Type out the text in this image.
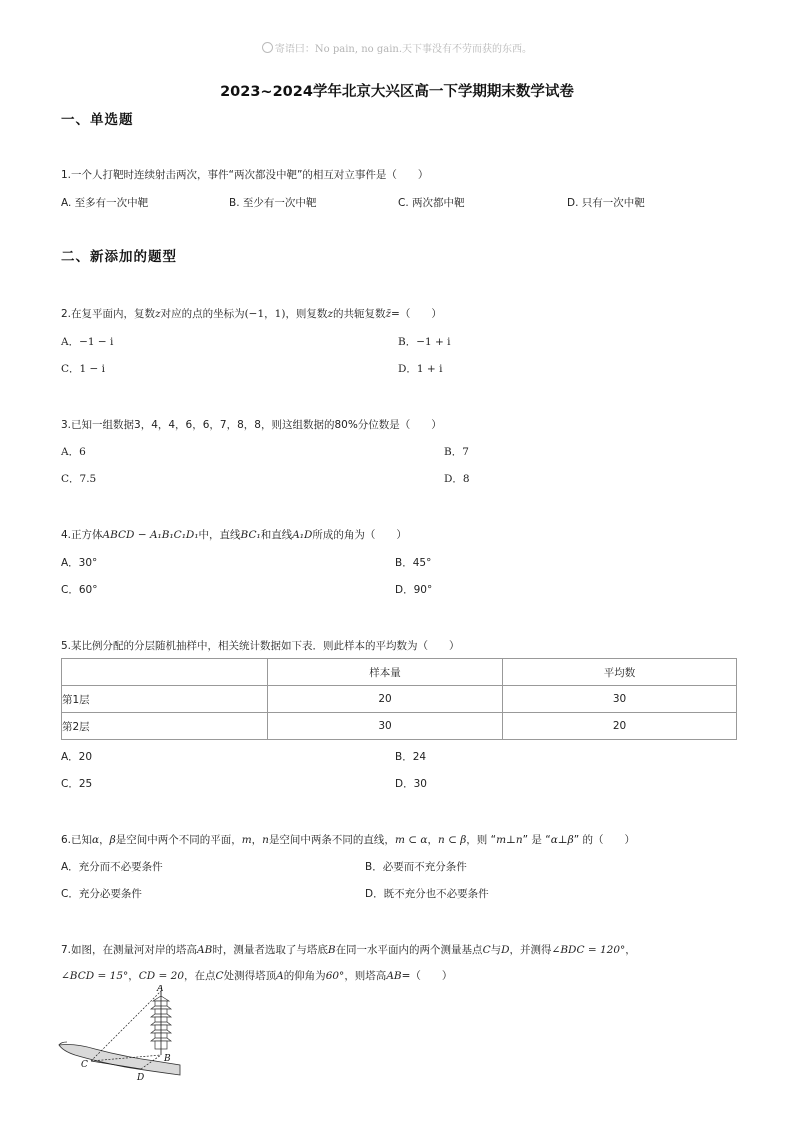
寄语曰：No pain, no gain.天下事没有不劳而获的东西。
2023~2024学年北京大兴区高一下学期期末数学试卷
一、单选题
1.一个人打靶时连续射击两次，事件“两次都没中靶”的相互对立事件是（　　）
A. 至多有一次中靶	B. 至少有一次中靶	C. 两次都中靶	D. 只有一次中靶
二、新添加的题型
2.在复平面内，复数z对应的点的坐标为(−1，1)，则复数z的共轭复数z̄=（　　）
A．−1 − i	B．−1 + i
C．1 − i	D．1 + i
3.已知一组数据3，4，4，6，6，7，8，8，则这组数据的80%分位数是（　　）
A．6	B．7
C．7.5	D．8
4.正方体ABCD − A₁B₁C₁D₁中，直线BC₁和直线A₁D所成的角为（　　）
A．30°	B．45°
C．60°	D．90°
5.某比例分配的分层随机抽样中，相关统计数据如下表．则此样本的平均数为（　　）
	样本量	平均数
第1层	20	30
第2层	30	20
A．20	B．24
C．25	D．30
6.已知α，β是空间中两个不同的平面，m，n是空间中两条不同的直线，m ⊂ α，n ⊂ β，则 “m⊥n” 是 “α⊥β” 的（　　）
A．充分而不必要条件	B．必要而不充分条件
C．充分必要条件	D．既不充分也不必要条件
7.如图，在测量河对岸的塔高AB时，测量者选取了与塔底B在同一水平面内的两个测量基点C与D，并测得∠BDC = 120°，
∠BCD = 15°，CD = 20，在点C处测得塔顶A的仰角为60°，则塔高AB=（　　）
A
B
C
D
